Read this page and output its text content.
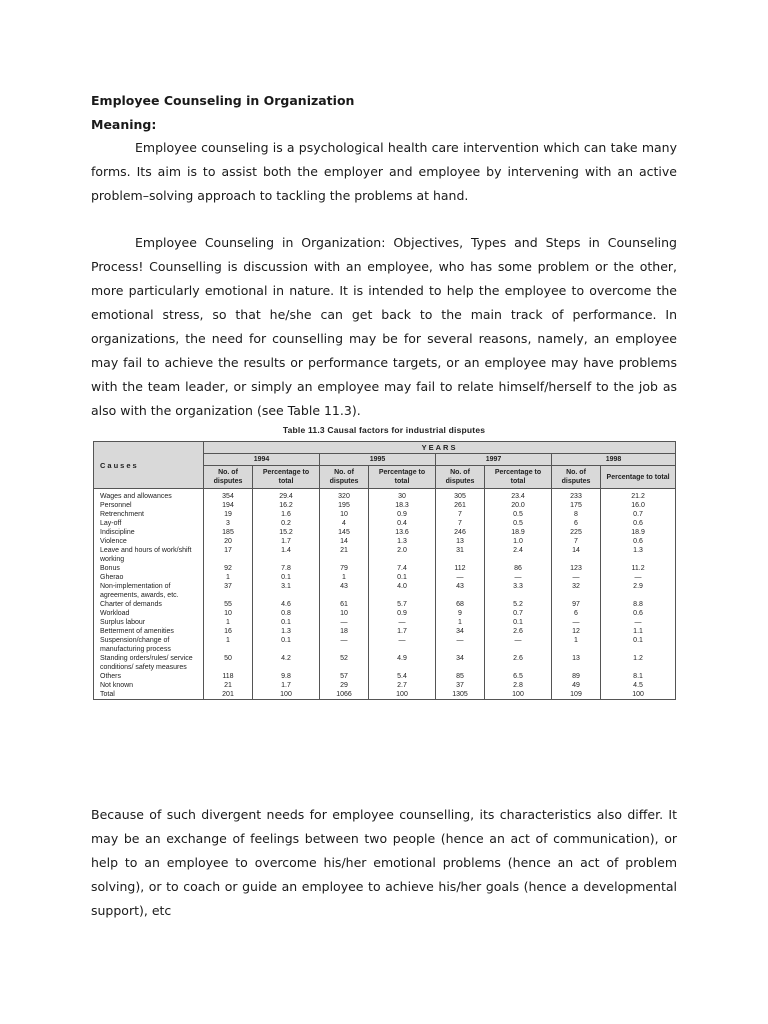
Employee Counseling in Organization
Meaning:

Employee counseling is a psychological health care intervention which can take many forms. Its aim is to assist both the employer and employee by intervening with an active problem–solving approach to tackling the problems at hand.

Employee Counseling in Organization: Objectives, Types and Steps in Counseling Process! Counselling is discussion with an employee, who has some problem or the other, more particularly emotional in nature. It is intended to help the employee to overcome the emotional stress, so that he/she can get back to the main track of performance. In organizations, the need for counselling may be for several reasons, namely, an employee may fail to achieve the results or performance targets, or an employee may have problems with the team leader, or simply an employee may fail to relate himself/herself to the job as also with the organization (see Table 11.3).

Table 11.3 Causal factors for industrial disputes
Causes	YEARS							
	1994		1995		1997		1998	
	No. of disputes	Percentage to total	No. of disputes	Percentage to total	No. of disputes	Percentage to total	No. of disputes	Percentage to total
Wages and allowances	354	29.4	320	30	305	23.4	233	21.2
Personnel	194	16.2	195	18.3	261	20.0	175	16.0
Retrenchment	19	1.6	10	0.9	7	0.5	8	0.7
Lay-off	3	0.2	4	0.4	7	0.5	6	0.6
Indiscipline	185	15.2	145	13.6	246	18.9	225	18.9
Violence	20	1.7	14	1.3	13	1.0	7	0.6
Leave and hours of work/shift working	17	1.4	21	2.0	31	2.4	14	1.3
Bonus	92	7.8	79	7.4	112	86	123	11.2
Gherao	1	0.1	1	0.1	—	—	—	—
Non-implementation of agreements, awards, etc.	37	3.1	43	4.0	43	3.3	32	2.9
Charter of demands	55	4.6	61	5.7	68	5.2	97	8.8
Workload	10	0.8	10	0.9	9	0.7	6	0.6
Surplus labour	1	0.1	—	—	1	0.1	—	—
Betterment of amenities	16	1.3	18	1.7	34	2.6	12	1.1
Suspension/change of manufacturing process	1	0.1	—	—	—	—	1	0.1
Standing orders/rules/ service conditions/ safety measures	50	4.2	52	4.9	34	2.6	13	1.2
Others	118	9.8	57	5.4	85	6.5	89	8.1
Not known	21	1.7	29	2.7	37	2.8	49	4.5
Total	201	100	1066	100	1305	100	109	100

Because of such divergent needs for employee counselling, its characteristics also differ. It may be an exchange of feelings between two people (hence an act of communication), or help to an employee to overcome his/her emotional problems (hence an act of problem solving), or to coach or guide an employee to achieve his/her goals (hence a developmental support), etc
